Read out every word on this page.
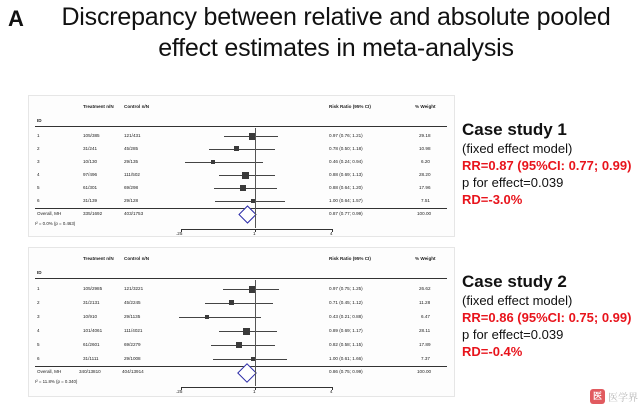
A	Discrepancy between relative and absolute pooled effect estimates in meta-analysis
Treatment n/N Control n/N	Risk Ratio (95% CI)	% Weight
ID
1	105/385	121/431	0.97 (0.76; 1.21)	29.18
2	31/241	45/285	0.78 (0.50; 1.18)	10.98
3	10/130	29/135	0.46 (0.24; 0.94)	6.20
4	97/496	111/502	0.88 (0.69; 1.13)	28.20
5	61/301	69/298	0.88 (0.64; 1.20)	17.96
6	31/139	29/128	1.00 (0.64; 1.57)	7.51
Overall, MH	335/1692	403/1753	0.87 (0.77; 0.99)	100.00
I² = 0.0% (p = 0.463)
.25	1	4
Treatment n/N Control n/N	Risk Ratio (95% CI)	% Weight
ID
1	105/2985	121/3221	0.97 (0.75; 1.25)	26.62
2	31/2131	45/2245	0.71 (0.45; 1.12)	11.28
3	10/910	29/1135	0.43 (0.21; 0.88)	6.47
4	101/4061	111/4021	0.89 (0.69; 1.17)	28.11
5	61/2601	69/2279	0.82 (0.58; 1.15)	17.89
6	31/1111	29/1008	1.00 (0.61; 1.66)	7.37
Overall, MH	340/13810	404/13914	0.86 (0.75; 0.99)	100.00
I² = 11.8% (p = 0.340)
.25	1	4
Case study 1
(fixed effect model)
RR=0.87 (95%CI: 0.77; 0.99)
p for effect=0.039
RD=-3.0%
Case study 2
(fixed effect model)
RR=0.86 (95%CI: 0.75; 0.99)
p for effect=0.039
RD=-0.4%
医 医学界
